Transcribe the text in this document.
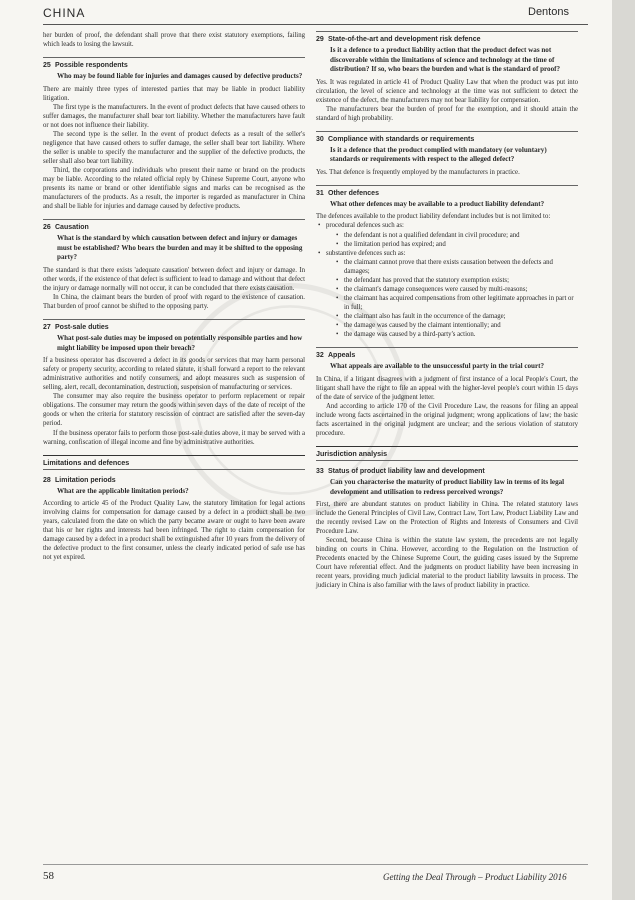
CHINA	Dentons

her burden of proof, the defendant shall prove that there exist statutory exemptions, failing which leads to losing the lawsuit.

25 Possible respondents
Who may be found liable for injuries and damages caused by defective products?

There are mainly three types of interested parties that may be liable in product liability litigation.

The first type is the manufacturers. In the event of product defects that have caused others to suffer damages, the manufacturer shall bear tort liability. Whether the manufacturers have fault or not does not influence their liability.

The second type is the seller. In the event of product defects as a result of the seller's negligence that have caused others to suffer damage, the seller shall bear tort liability. Where the seller is unable to specify the manufacturer and the supplier of the defective products, the seller shall also bear tort liability.

Third, the corporations and individuals who present their name or brand on the products may be liable. According to the related official reply by Chinese Supreme Court, anyone who presents its name or brand or other identifiable signs and marks can be recognised as the manufacturers of the products. As a result, the importer is regarded as manufacturer in China and shall be liable for injuries and damage caused by defective products.

26 Causation
What is the standard by which causation between defect and injury or damages must be established? Who bears the burden and may it be shifted to the opposing party?

The standard is that there exists 'adequate causation' between defect and injury or damage. In other words, if the existence of that defect is sufficient to lead to damage and without that defect the injury or damage normally will not occur, it can be concluded that there exists causation.

In China, the claimant bears the burden of proof with regard to the existence of causation. That burden of proof cannot be shifted to the opposing party.

27 Post-sale duties
What post-sale duties may be imposed on potentially responsible parties and how might liability be imposed upon their breach?

If a business operator has discovered a defect in its goods or services that may harm personal safety or property security, according to related statute, it shall forward a report to the relevant administrative authorities and notify consumers, and adopt measures such as suspension of selling, alert, recall, decontamination, destruction, suspension of manufacturing or services.

The consumer may also require the business operator to perform replacement or repair obligations. The consumer may return the goods within seven days of the date of receipt of the goods or when the criteria for statutory rescission of contract are satisfied after the seven-day period.

If the business operator fails to perform those post-sale duties above, it may be served with a warning, confiscation of illegal income and fine by administrative authorities.

Limitations and defences
28 Limitation periods
What are the applicable limitation periods?

According to article 45 of the Product Quality Law, the statutory limitation for legal actions involving claims for compensation for damage caused by a defect in a product shall be two years, calculated from the date on which the party became aware or ought to have been aware that his or her rights and interests had been infringed. The right to claim compensation for damage caused by a defect in a product shall be extinguished after 10 years from the delivery of the defective product to the first consumer, unless the clearly indicated period of safe use has not yet expired.

29 State-of-the-art and development risk defence
Is it a defence to a product liability action that the product defect was not discoverable within the limitations of science and technology at the time of distribution? If so, who bears the burden and what is the standard of proof?

Yes. It was regulated in article 41 of Product Quality Law that when the product was put into circulation, the level of science and technology at the time was not sufficient to detect the existence of the defect, the manufacturers may not bear liability for compensation.

The manufacturers bear the burden of proof for the exemption, and it should attain the standard of high probability.

30 Compliance with standards or requirements
Is it a defence that the product complied with mandatory (or voluntary) standards or requirements with respect to the alleged defect?

Yes. That defence is frequently employed by the manufacturers in practice.

31 Other defences
What other defences may be available to a product liability defendant?

The defences available to the product liability defendant includes but is not limited to:

• procedural defences such as:
• the defendant is not a qualified defendant in civil procedure; and
• the limitation period has expired; and
• substantive defences such as:
• the claimant cannot prove that there exists causation between the defects and damages;
• the defendant has proved that the statutory exemption exists;
• the claimant's damage consequences were caused by multi-reasons;
• the claimant has acquired compensations from other legitimate approaches in part or in full;
• the claimant also has fault in the occurrence of the damage;
• the damage was caused by the claimant intentionally; and
• the damage was caused by a third-party's action.
32 Appeals
What appeals are available to the unsuccessful party in the trial court?

In China, if a litigant disagrees with a judgment of first instance of a local People's Court, the litigant shall have the right to file an appeal with the higher-level people's court within 15 days of the date of service of the judgment letter.

And according to article 170 of the Civil Procedure Law, the reasons for filing an appeal include wrong facts ascertained in the original judgment; wrong applications of law; the basic facts ascertained in the original judgment are unclear; and the serious violation of statutory procedure.

Jurisdiction analysis
33 Status of product liability law and development
Can you characterise the maturity of product liability law in terms of its legal development and utilisation to redress perceived wrongs?

First, there are abundant statutes on product liability in China. The related statutory laws include the General Principles of Civil Law, Contract Law, Tort Law, Product Liability Law and the recently revised Law on the Protection of Rights and Interests of Consumers and Civil Procedure Law.

Second, because China is within the statute law system, the precedents are not legally binding on courts in China. However, according to the Regulation on the Instruction of Precedents enacted by the Chinese Supreme Court, the guiding cases issued by the Supreme Court have referential effect. And the judgments on product liability have been increasing in recent years, providing much judicial material to the product liability lawsuits in process. The judiciary in China is also familiar with the laws of product liability in practice.

58	Getting the Deal Through – Product Liability 2016
